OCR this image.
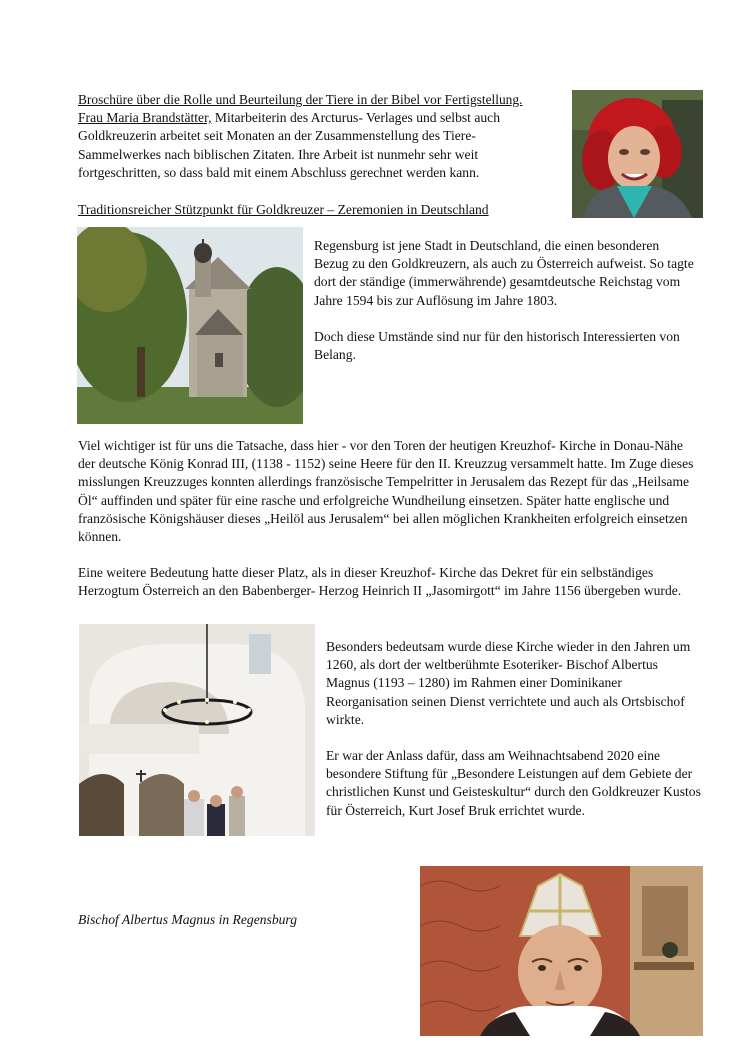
Broschüre über die Rolle und Beurteilung der Tiere in der Bibel vor Fertigstellung.

Frau Maria Brandstätter, Mitarbeiterin des Arcturus- Verlages und selbst auch
Goldkreuzerin arbeitet seit Monaten an der Zusammenstellung des Tiere-Sammelwerkes nach biblischen Zitaten. Ihre Arbeit ist nunmehr sehr weit fortgeschritten, so dass bald mit einem Abschluss gerechnet werden kann.

Traditionsreicher Stützpunkt für Goldkreuzer – Zeremonien in Deutschland

Regensburg ist jene Stadt in Deutschland, die einen besonderen Bezug zu den Goldkreuzern, als auch zu Österreich aufweist. So tagte dort der ständige (immerwährende) gesamtdeutsche Reichstag vom Jahre 1594 bis zur Auflösung im Jahre 1803.

Doch diese Umstände sind nur für den historisch Interessierten von Belang.

Viel wichtiger ist für uns die Tatsache, dass hier - vor den Toren der heutigen Kreuzhof- Kirche in Donau-Nähe der deutsche König Konrad III, (1138 - 1152) seine Heere für den II. Kreuzzug versammelt hatte. Im Zuge dieses misslungen Kreuzzuges konnten allerdings französische Tempelritter in Jerusalem das Rezept für das „Heilsame Öl“ auffinden und später für eine rasche und erfolgreiche Wundheilung einsetzen. Später hatte englische und französische Königshäuser dieses „Heilöl aus Jerusalem“ bei allen möglichen Krankheiten erfolgreich einsetzen können.

Eine weitere Bedeutung hatte dieser Platz, als in dieser Kreuzhof- Kirche das Dekret für ein selbständiges Herzogtum Österreich an den Babenberger- Herzog Heinrich II „Jasomirgott“ im Jahre 1156 übergeben wurde.

Besonders bedeutsam wurde diese Kirche wieder in den Jahren um 1260, als dort der weltberühmte Esoteriker- Bischof Albertus Magnus (1193 – 1280) im Rahmen einer Dominikaner Reorganisation seinen Dienst verrichtete und auch als Ortsbischof wirkte.

Er war der Anlass dafür, dass am Weihnachtsabend 2020 eine besondere Stiftung für „Besondere Leistungen auf dem Gebiete der christlichen Kunst und Geisteskultur“ durch den Goldkreuzer Kustos für Österreich, Kurt Josef Bruk errichtet wurde.

Bischof Albertus Magnus in Regensburg
